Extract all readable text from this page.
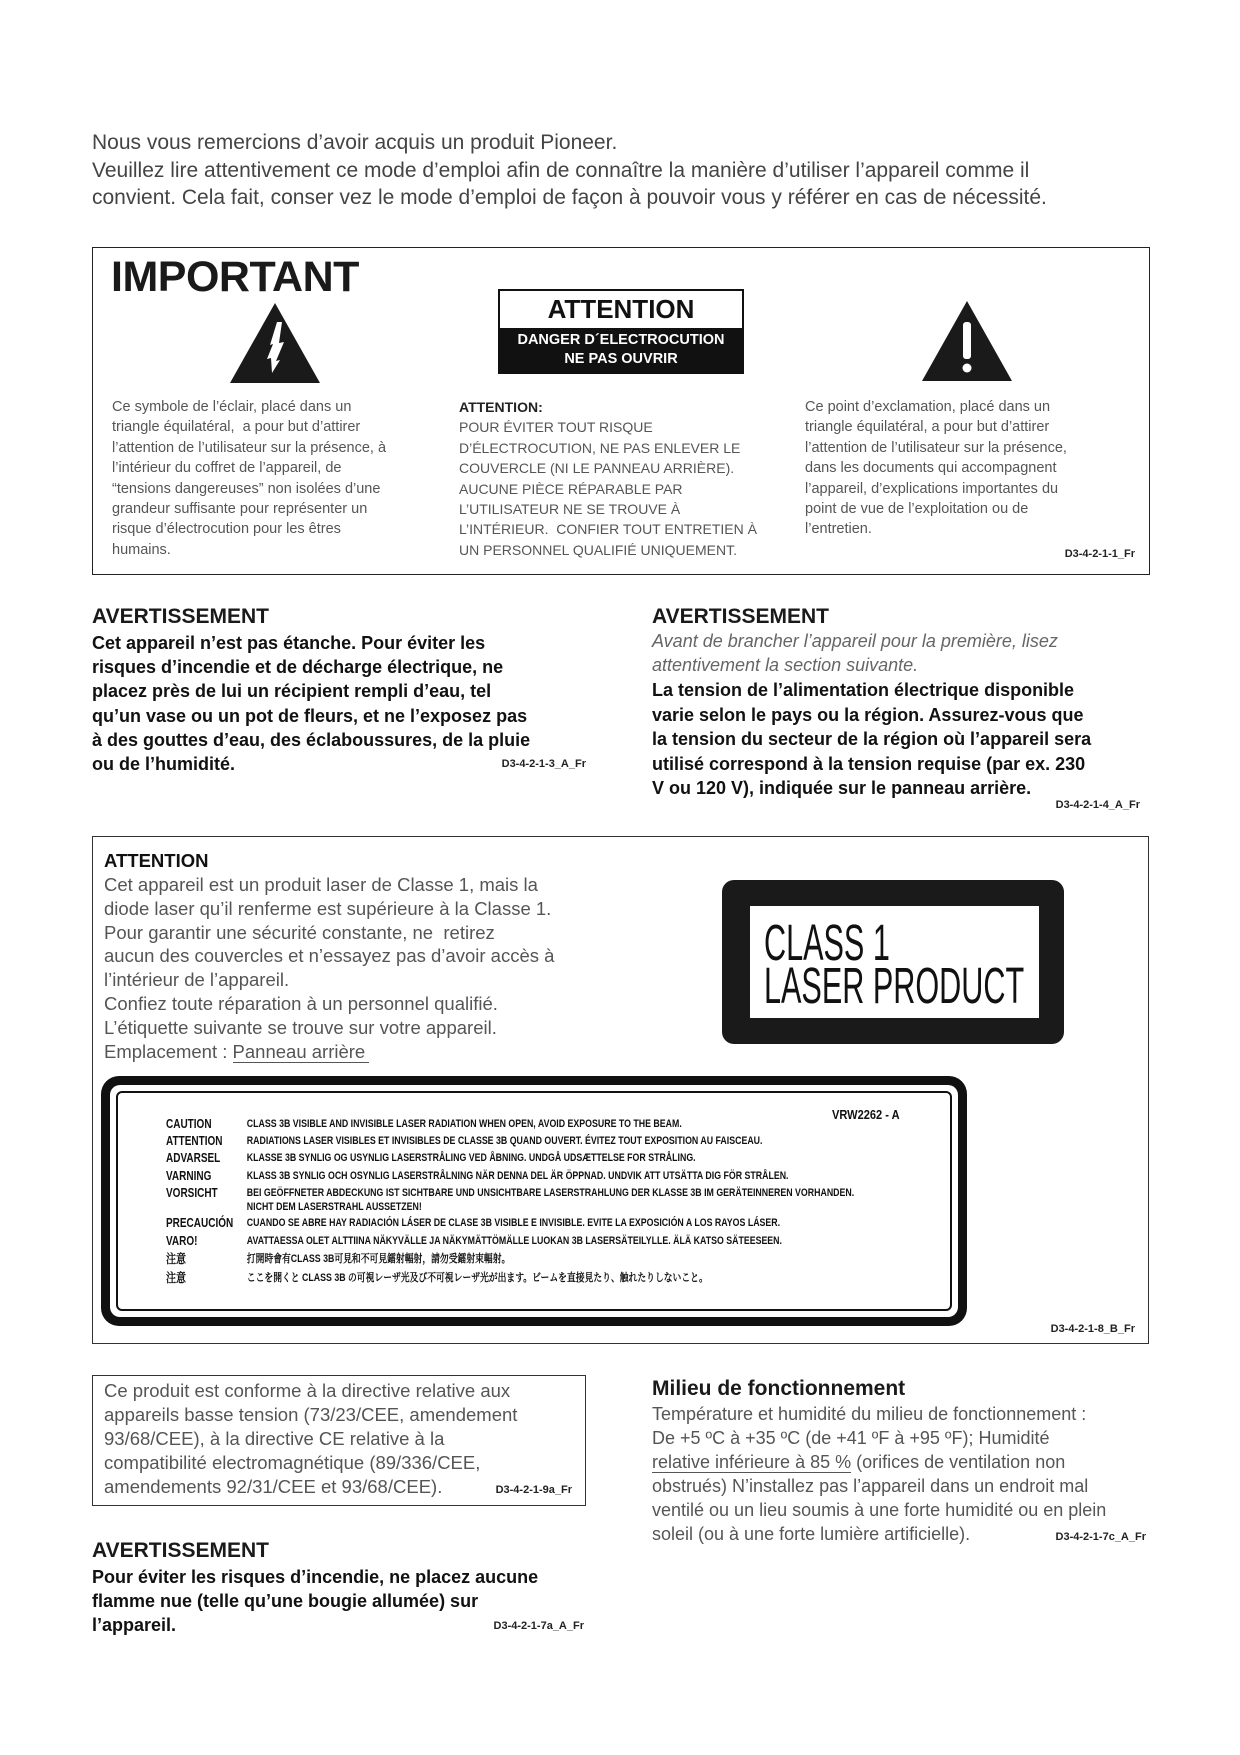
Nous vous remercions d’avoir acquis un produit Pioneer.
Veuillez lire attentivement ce mode d’emploi afin de connaître la manière d’utiliser l’appareil comme il
convient. Cela fait, conser vez le mode d’emploi de façon à pouvoir vous y référer en cas de nécessité.
IMPORTANT
ATTENTION
DANGER D´ELECTROCUTION
NE PAS OUVRIR
Ce symbole de l’éclair, placé dans un
triangle équilatéral,  a pour but d’attirer
l’attention de l’utilisateur sur la présence, à
l’intérieur du coffret de l’appareil, de
“tensions dangereuses” non isolées d’une
grandeur suffisante pour représenter un
risque d’électrocution pour les êtres
humains.
ATTENTION:
POUR ÉVITER TOUT RISQUE
D’ÉLECTROCUTION, NE PAS ENLEVER LE
COUVERCLE (NI LE PANNEAU ARRIÈRE).
AUCUNE PIÈCE RÉPARABLE PAR
L’UTILISATEUR NE SE TROUVE À
L’INTÉRIEUR.  CONFIER TOUT ENTRETIEN À
UN PERSONNEL QUALIFIÉ UNIQUEMENT.
Ce point d’exclamation, placé dans un
triangle équilatéral, a pour but d’attirer
l’attention de l’utilisateur sur la présence,
dans les documents qui accompagnent
l’appareil, d’explications importantes du
point de vue de l’exploitation ou de
l’entretien.
D3-4-2-1-1_Fr
AVERTISSEMENT
Cet appareil n’est pas étanche. Pour éviter les
risques d’incendie et de décharge électrique, ne
placez près de lui un récipient rempli d’eau, tel
qu’un vase ou un pot de fleurs, et ne l’exposez pas
à des gouttes d’eau, des éclaboussures, de la pluie
ou de l’humidité.	D3-4-2-1-3_A_Fr
AVERTISSEMENT
Avant de brancher l’appareil pour la première, lisez
attentivement la section suivante.
La tension de l’alimentation électrique disponible
varie selon le pays ou la région. Assurez-vous que
la tension du secteur de la région où l’appareil sera
utilisé correspond à la tension requise (par ex. 230
V ou 120 V), indiquée sur le panneau arrière.
D3-4-2-1-4_A_Fr
ATTENTION
Cet appareil est un produit laser de Classe 1, mais la
diode laser qu’il renferme est supérieure à la Classe 1.
Pour garantir une sécurité constante, ne  retirez
aucun des couvercles et n’essayez pas d’avoir accès à
l’intérieur de l’appareil.
Confiez toute réparation à un personnel qualifié.
L’étiquette suivante se trouve sur votre appareil.
Emplacement : Panneau arrière
CLASS 1
LASER PRODUCT
VRW2262 - A
CAUTION	CLASS 3B VISIBLE AND INVISIBLE LASER RADIATION WHEN OPEN, AVOID EXPOSURE TO THE BEAM.
ATTENTION RADIATIONS LASER VISIBLES ET INVISIBLES DE CLASSE 3B QUAND OUVERT. ÉVITEZ TOUT EXPOSITION AU FAISCEAU.
ADVARSEL KLASSE 3B SYNLIG OG USYNLIG LASERSTRÅLING VED ÅBNING. UNDGÅ UDSÆTTELSE FOR STRÅLING.
VARNING	KLASS 3B SYNLIG OCH OSYNLIG LASERSTRÅLNING NÄR DENNA DEL ÄR ÖPPNAD. UNDVIK ATT UTSÄTTA DIG FÖR STRÅLEN.
VORSICHT	BEI GEÖFFNETER ABDECKUNG IST SICHTBARE UND UNSICHTBARE LASERSTRAHLUNG DER KLASSE 3B IM GERÄTEINNEREN VORHANDEN.
NICHT DEM LASERSTRAHL AUSSETZEN!
PRECAUCIÓN CUANDO SE ABRE HAY RADIACIÓN LÁSER DE CLASE 3B VISIBLE E INVISIBLE. EVITE LA EXPOSICIÓN A LOS RAYOS LÁSER.
VARO!	AVATTAESSA OLET ALTTIINA NÄKYVÄLLE JA NÄKYMÄTTÖMÄLLE LUOKAN 3B LASERSÄTEILYLLE. ÄLÄ KATSO SÄTEESEEN.
注意	打開時會有CLASS 3B可見和不可見鐳射輻射，請勿受鐳射束輻射。
注意	ここを開くと CLASS 3B の可視レーザ光及び不可視レーザ光が出ます。ビームを直接見たり、触れたりしないこと。
D3-4-2-1-8_B_Fr
Ce produit est conforme à la directive relative aux
appareils basse tension (73/23/CEE, amendement
93/68/CEE), à la directive CE relative à la
compatibilité electromagnétique (89/336/CEE,
amendements 92/31/CEE et 93/68/CEE).	D3-4-2-1-9a_Fr
Milieu de fonctionnement
Température et humidité du milieu de fonctionnement :
De +5 ºC à +35 ºC (de +41 ºF à +95 ºF); Humidité
relative inférieure à 85 % (orifices de ventilation non
obstrués) N’installez pas l’appareil dans un endroit mal
ventilé ou un lieu soumis à une forte humidité ou en plein
soleil (ou à une forte lumière artificielle).	D3-4-2-1-7c_A_Fr
AVERTISSEMENT
Pour éviter les risques d’incendie, ne placez aucune
flamme nue (telle qu’une bougie allumée) sur
l’appareil.	D3-4-2-1-7a_A_Fr
